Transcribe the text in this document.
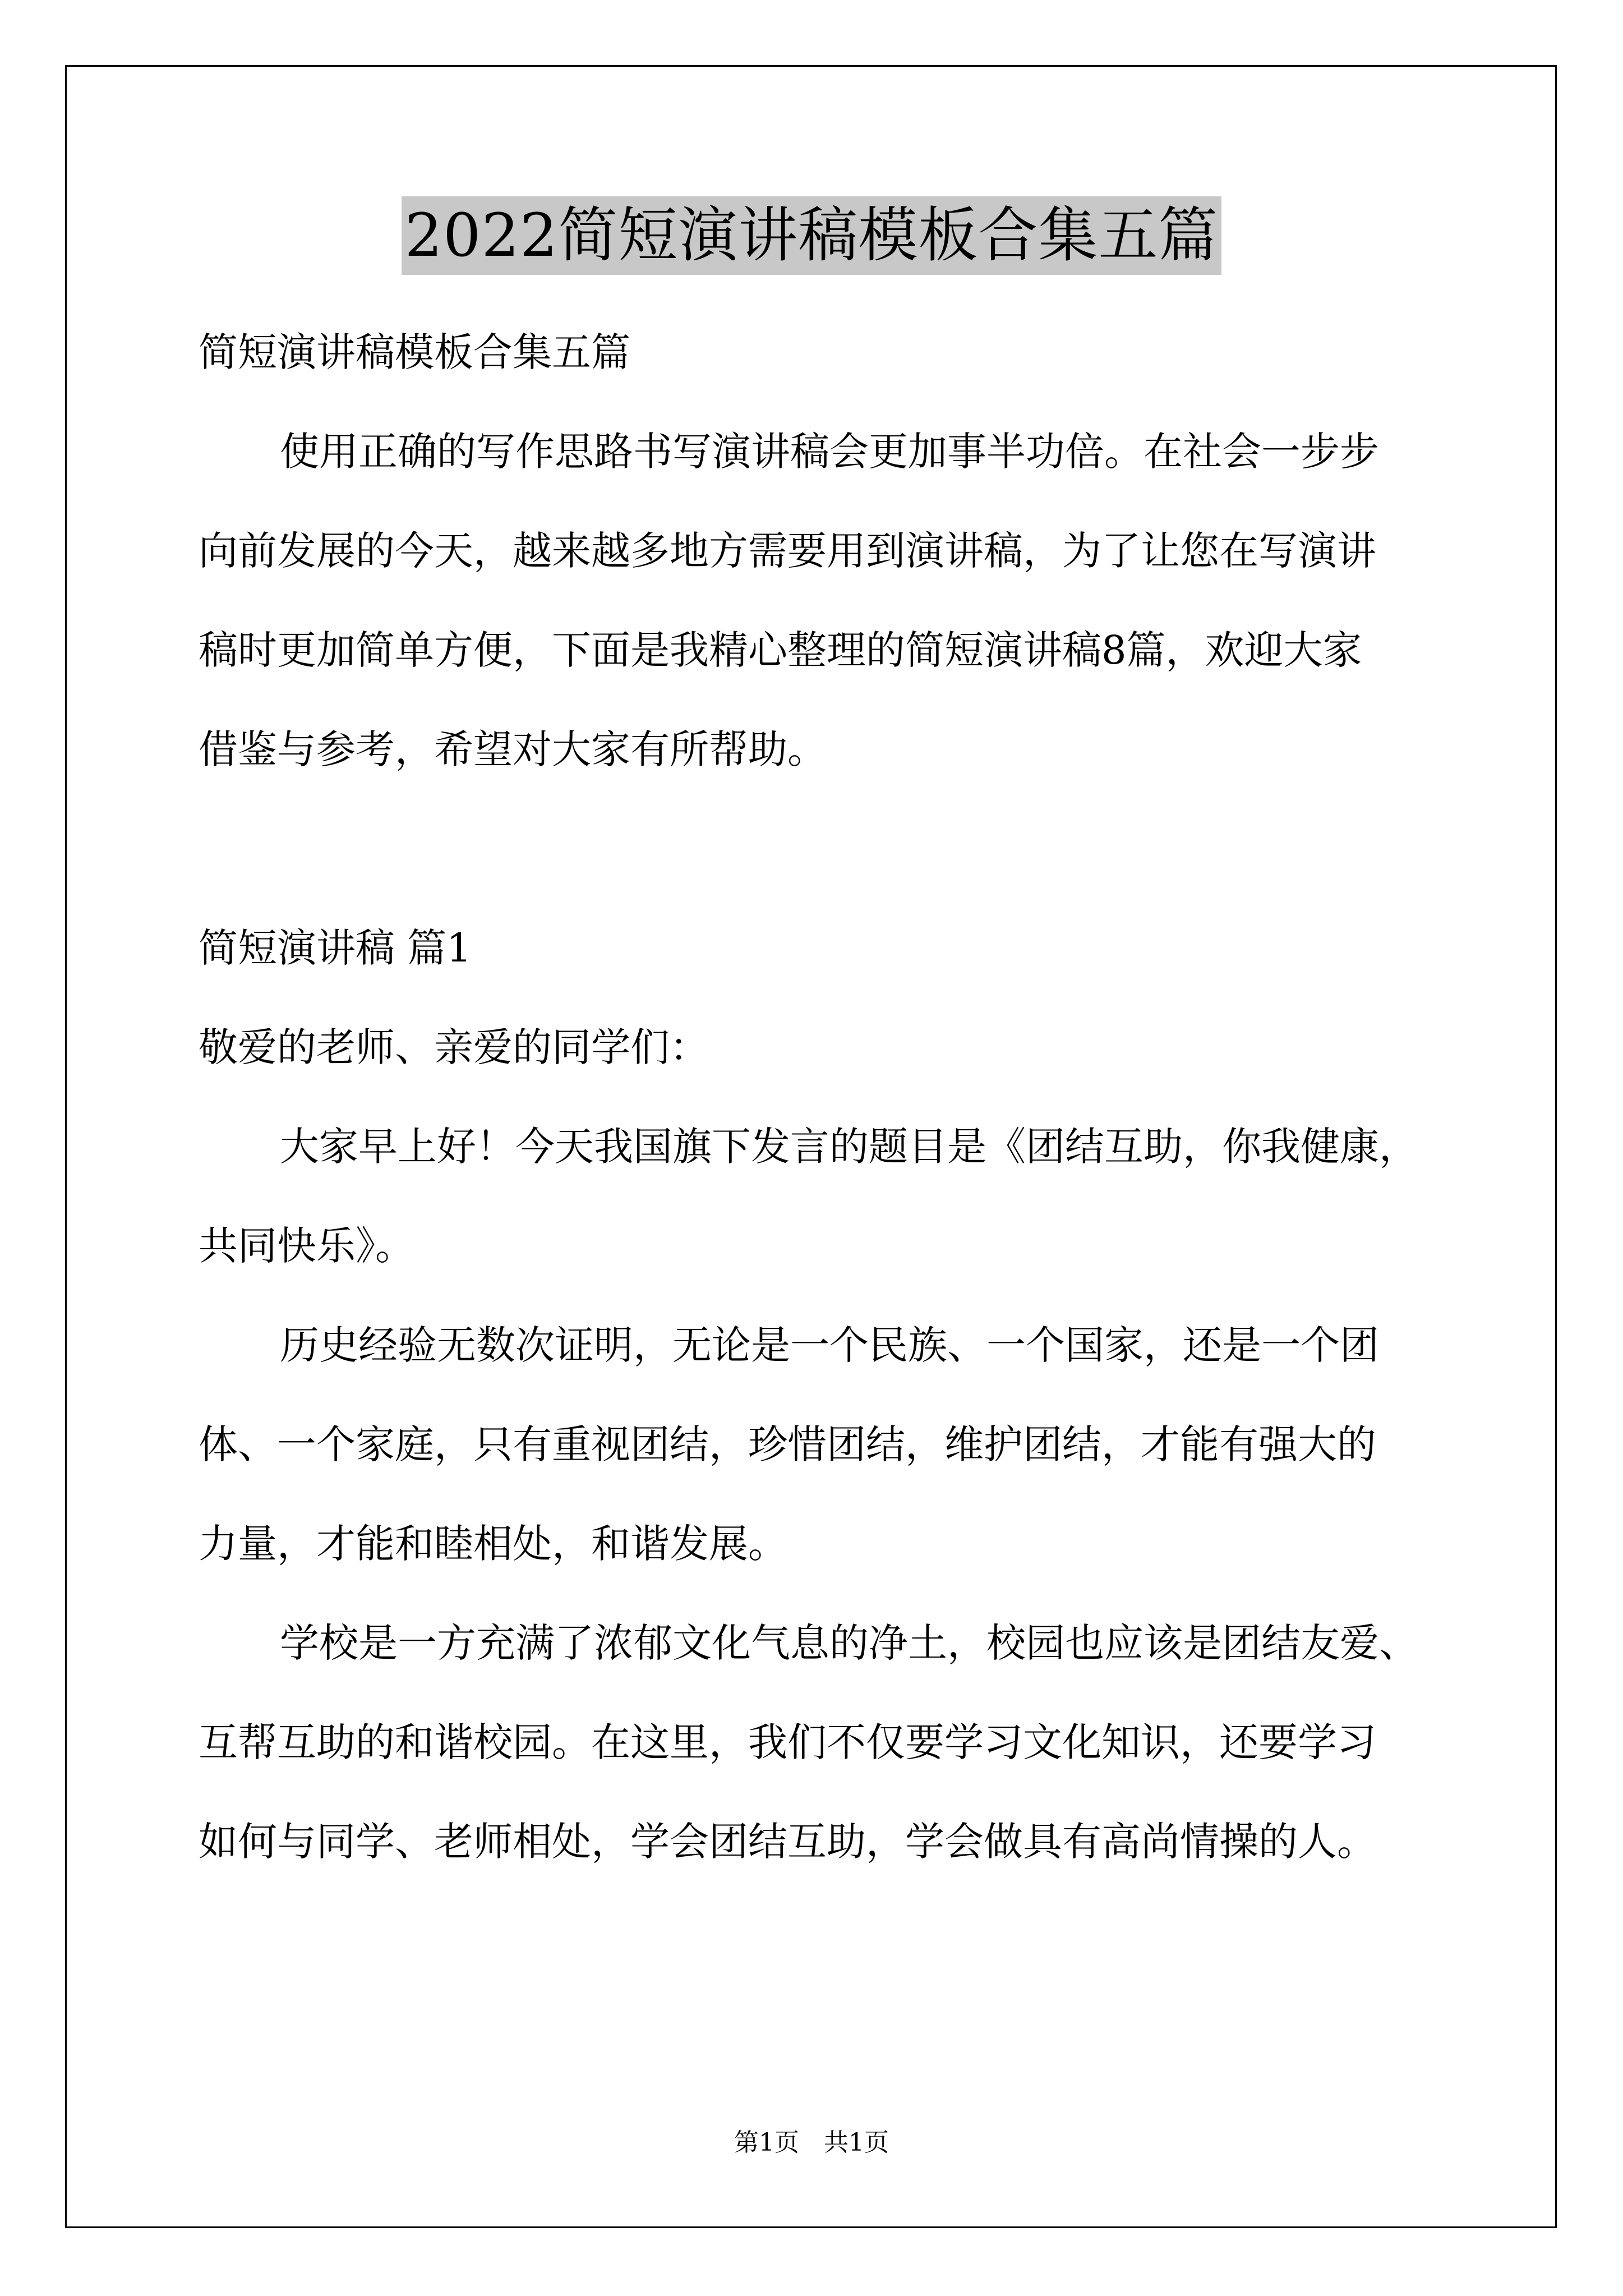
2022简短演讲稿模板合集五篇

简短演讲稿模板合集五篇

使用正确的写作思路书写演讲稿会更加事半功倍。在社会一步步

向前发展的今天，越来越多地方需要用到演讲稿，为了让您在写演讲

稿时更加简单方便，下面是我精心整理的简短演讲稿8篇，欢迎大家

借鉴与参考，希望对大家有所帮助。

简短演讲稿 篇1

敬爱的老师、亲爱的同学们：

大家早上好！今天我国旗下发言的题目是《团结互助，你我健康，

共同快乐》。

历史经验无数次证明，无论是一个民族、一个国家，还是一个团

体、一个家庭，只有重视团结，珍惜团结，维护团结，才能有强大的

力量，才能和睦相处，和谐发展。

学校是一方充满了浓郁文化气息的净土，校园也应该是团结友爱、

互帮互助的和谐校园。在这里，我们不仅要学习文化知识，还要学习

如何与同学、老师相处，学会团结互助，学会做具有高尚情操的人。

第1页　共1页
